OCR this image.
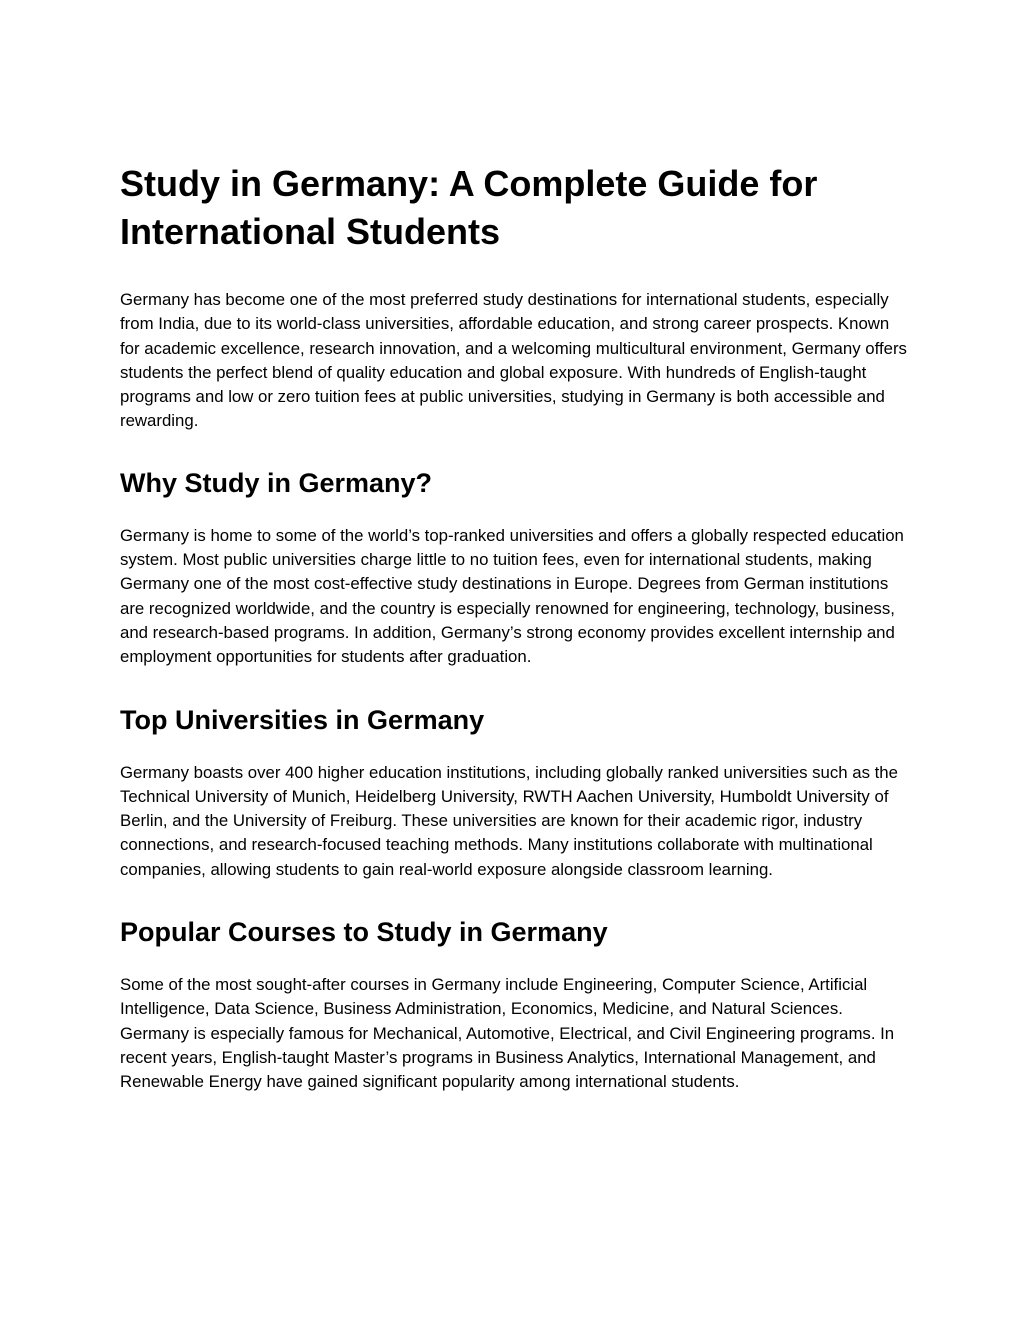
Study in Germany: A Complete Guide for International Students

Germany has become one of the most preferred study destinations for international students, especially from India, due to its world-class universities, affordable education, and strong career prospects. Known for academic excellence, research innovation, and a welcoming multicultural environment, Germany offers students the perfect blend of quality education and global exposure. With hundreds of English-taught programs and low or zero tuition fees at public universities, studying in Germany is both accessible and rewarding.

Why Study in Germany?

Germany is home to some of the world’s top-ranked universities and offers a globally respected education system. Most public universities charge little to no tuition fees, even for international students, making Germany one of the most cost-effective study destinations in Europe. Degrees from German institutions are recognized worldwide, and the country is especially renowned for engineering, technology, business, and research-based programs. In addition, Germany’s strong economy provides excellent internship and employment opportunities for students after graduation.

Top Universities in Germany

Germany boasts over 400 higher education institutions, including globally ranked universities such as the Technical University of Munich, Heidelberg University, RWTH Aachen University, Humboldt University of Berlin, and the University of Freiburg. These universities are known for their academic rigor, industry connections, and research-focused teaching methods. Many institutions collaborate with multinational companies, allowing students to gain real-world exposure alongside classroom learning.

Popular Courses to Study in Germany

Some of the most sought-after courses in Germany include Engineering, Computer Science, Artificial Intelligence, Data Science, Business Administration, Economics, Medicine, and Natural Sciences. Germany is especially famous for Mechanical, Automotive, Electrical, and Civil Engineering programs. In recent years, English-taught Master’s programs in Business Analytics, International Management, and Renewable Energy have gained significant popularity among international students.
